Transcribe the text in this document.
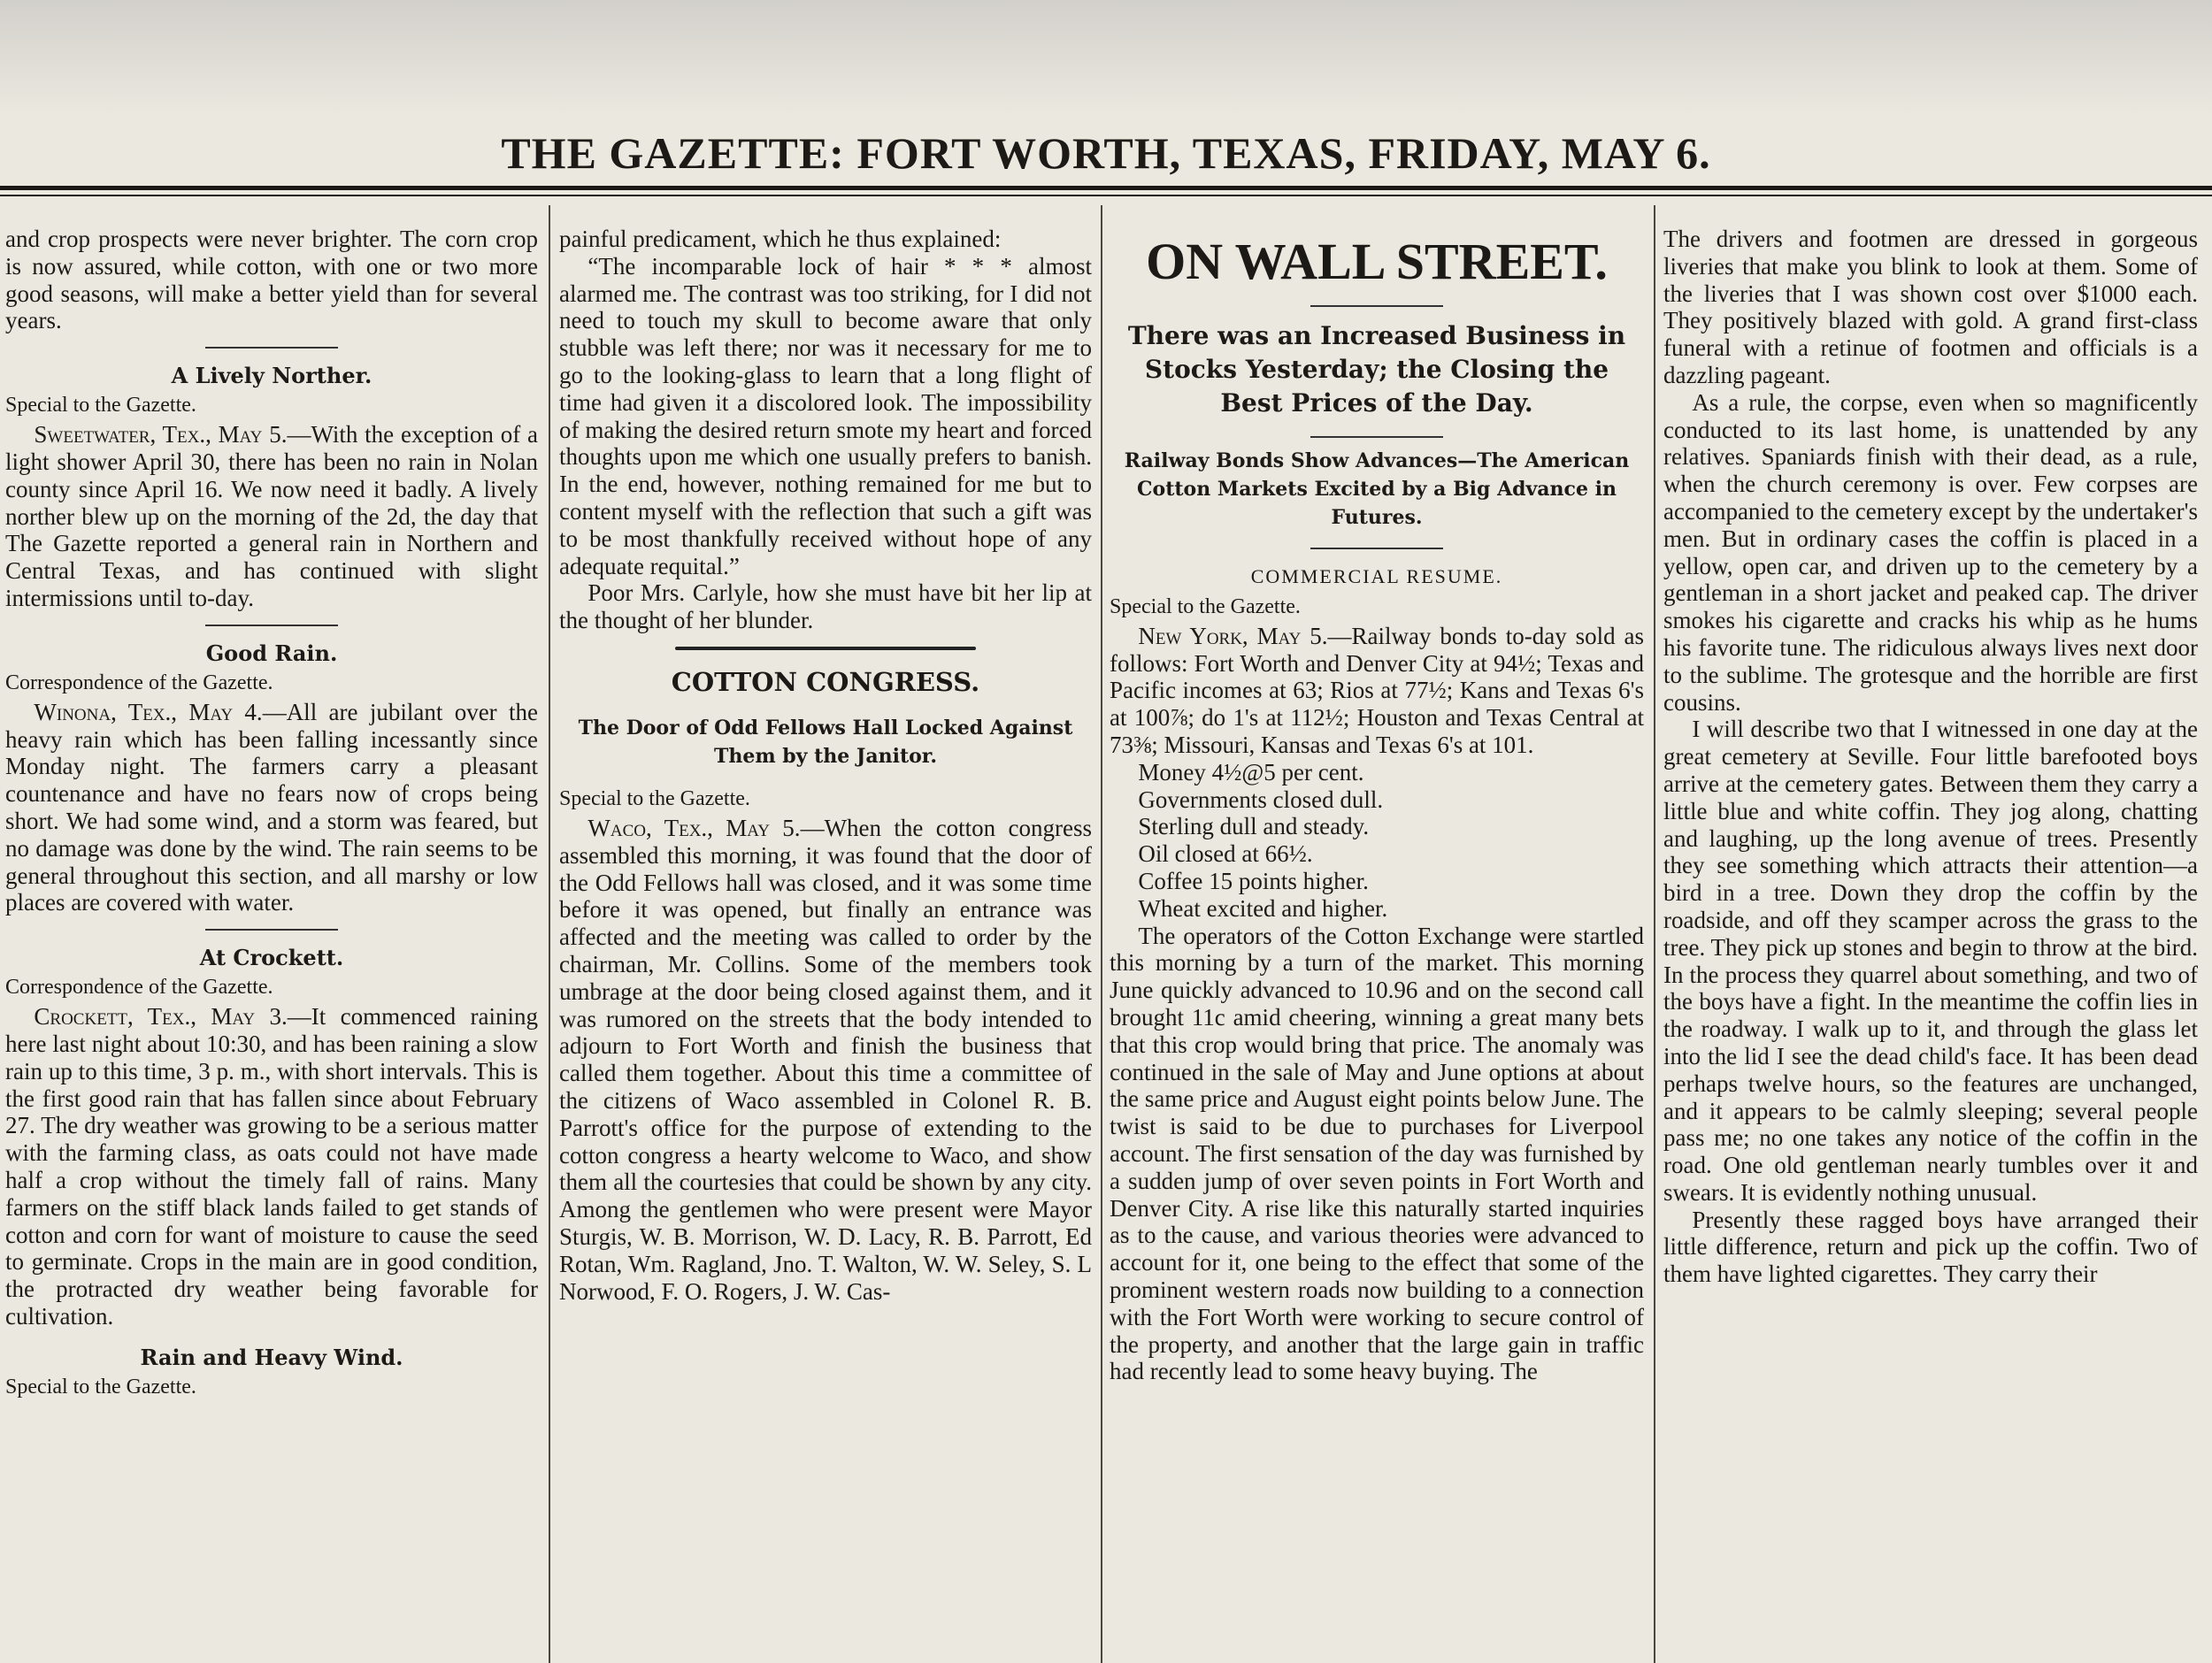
THE GAZETTE: FORT WORTH, TEXAS, FRIDAY, MAY 6.

and crop prospects were never brighter. The corn crop is now assured, while cotton, with one or two more good seasons, will make a better yield than for several years.

A Lively Norther.

Special to the Gazette.

Sweetwater, Tex., May 5.—With the exception of a light shower April 30, there has been no rain in Nolan county since April 16. We now need it badly. A lively norther blew up on the morning of the 2d, the day that The Gazette reported a general rain in Northern and Central Texas, and has continued with slight intermissions until to-day.

Good Rain.

Correspondence of the Gazette.

Winona, Tex., May 4.—All are jubilant over the heavy rain which has been falling incessantly since Monday night. The farmers carry a pleasant countenance and have no fears now of crops being short. We had some wind, and a storm was feared, but no damage was done by the wind. The rain seems to be general throughout this section, and all marshy or low places are covered with water.

At Crockett.

Correspondence of the Gazette.

Crockett, Tex., May 3.—It commenced raining here last night about 10:30, and has been raining a slow rain up to this time, 3 p. m., with short intervals. This is the first good rain that has fallen since about February 27. The dry weather was growing to be a serious matter with the farming class, as oats could not have made half a crop without the timely fall of rains. Many farmers on the stiff black lands failed to get stands of cotton and corn for want of moisture to cause the seed to germinate. Crops in the main are in good condition, the protracted dry weather being favorable for cultivation.

Rain and Heavy Wind.

Special to the Gazette.

painful predicament, which he thus explained:

“The incomparable lock of hair * * * almost alarmed me. The contrast was too striking, for I did not need to touch my skull to become aware that only stubble was left there; nor was it necessary for me to go to the looking-glass to learn that a long flight of time had given it a discolored look. The impossibility of making the desired return smote my heart and forced thoughts upon me which one usually prefers to banish. In the end, however, nothing remained for me but to content myself with the reflection that such a gift was to be most thankfully received without hope of any adequate requital.”

Poor Mrs. Carlyle, how she must have bit her lip at the thought of her blunder.

COTTON CONGRESS.
The Door of Odd Fellows Hall Locked Against Them by the Janitor.

Special to the Gazette.

Waco, Tex., May 5.—When the cotton congress assembled this morning, it was found that the door of the Odd Fellows hall was closed, and it was some time before it was opened, but finally an entrance was affected and the meeting was called to order by the chairman, Mr. Collins. Some of the members took umbrage at the door being closed against them, and it was rumored on the streets that the body intended to adjourn to Fort Worth and finish the business that called them together. About this time a committee of the citizens of Waco assembled in Colonel R. B. Parrott's office for the purpose of extending to the cotton congress a hearty welcome to Waco, and show them all the courtesies that could be shown by any city. Among the gentlemen who were present were Mayor Sturgis, W. B. Morrison, W. D. Lacy, R. B. Parrott, Ed Rotan, Wm. Ragland, Jno. T. Walton, W. W. Seley, S. L Norwood, F. O. Rogers, J. W. Cas-

ON WALL STREET.
There was an Increased Business in Stocks Yesterday; the Closing the Best Prices of the Day.
Railway Bonds Show Advances—The American Cotton Markets Excited by a Big Advance in Futures.
COMMERCIAL RESUME.

Special to the Gazette.

New York, May 5.—Railway bonds to-day sold as follows: Fort Worth and Denver City at 94½; Texas and Pacific incomes at 63; Rios at 77½; Kans and Texas 6's at 100⅞; do 1's at 112½; Houston and Texas Central at 73⅜; Missouri, Kansas and Texas 6's at 101.

Money 4½@5 per cent.

Governments closed dull.

Sterling dull and steady.

Oil closed at 66½.

Coffee 15 points higher.

Wheat excited and higher.

The operators of the Cotton Exchange were startled this morning by a turn of the market. This morning June quickly advanced to 10.96 and on the second call brought 11c amid cheering, winning a great many bets that this crop would bring that price. The anomaly was continued in the sale of May and June options at about the same price and August eight points below June. The twist is said to be due to purchases for Liverpool account. The first sensation of the day was furnished by a sudden jump of over seven points in Fort Worth and Denver City. A rise like this naturally started inquiries as to the cause, and various theories were advanced to account for it, one being to the effect that some of the prominent western roads now building to a connection with the Fort Worth were working to secure control of the property, and another that the large gain in traffic had recently lead to some heavy buying. The

The drivers and footmen are dressed in gorgeous liveries that make you blink to look at them. Some of the liveries that I was shown cost over $1000 each. They positively blazed with gold. A grand first-class funeral with a retinue of footmen and officials is a dazzling pageant.

As a rule, the corpse, even when so magnificently conducted to its last home, is unattended by any relatives. Spaniards finish with their dead, as a rule, when the church ceremony is over. Few corpses are accompanied to the cemetery except by the undertaker's men. But in ordinary cases the coffin is placed in a yellow, open car, and driven up to the cemetery by a gentleman in a short jacket and peaked cap. The driver smokes his cigarette and cracks his whip as he hums his favorite tune. The ridiculous always lives next door to the sublime. The grotesque and the horrible are first cousins.

I will describe two that I witnessed in one day at the great cemetery at Seville. Four little barefooted boys arrive at the cemetery gates. Between them they carry a little blue and white coffin. They jog along, chatting and laughing, up the long avenue of trees. Presently they see something which attracts their attention—a bird in a tree. Down they drop the coffin by the roadside, and off they scamper across the grass to the tree. They pick up stones and begin to throw at the bird. In the process they quarrel about something, and two of the boys have a fight. In the meantime the coffin lies in the roadway. I walk up to it, and through the glass let into the lid I see the dead child's face. It has been dead perhaps twelve hours, so the features are unchanged, and it appears to be calmly sleeping; several people pass me; no one takes any notice of the coffin in the road. One old gentleman nearly tumbles over it and swears. It is evidently nothing unusual.

Presently these ragged boys have arranged their little difference, return and pick up the coffin. Two of them have lighted cigarettes. They carry their
